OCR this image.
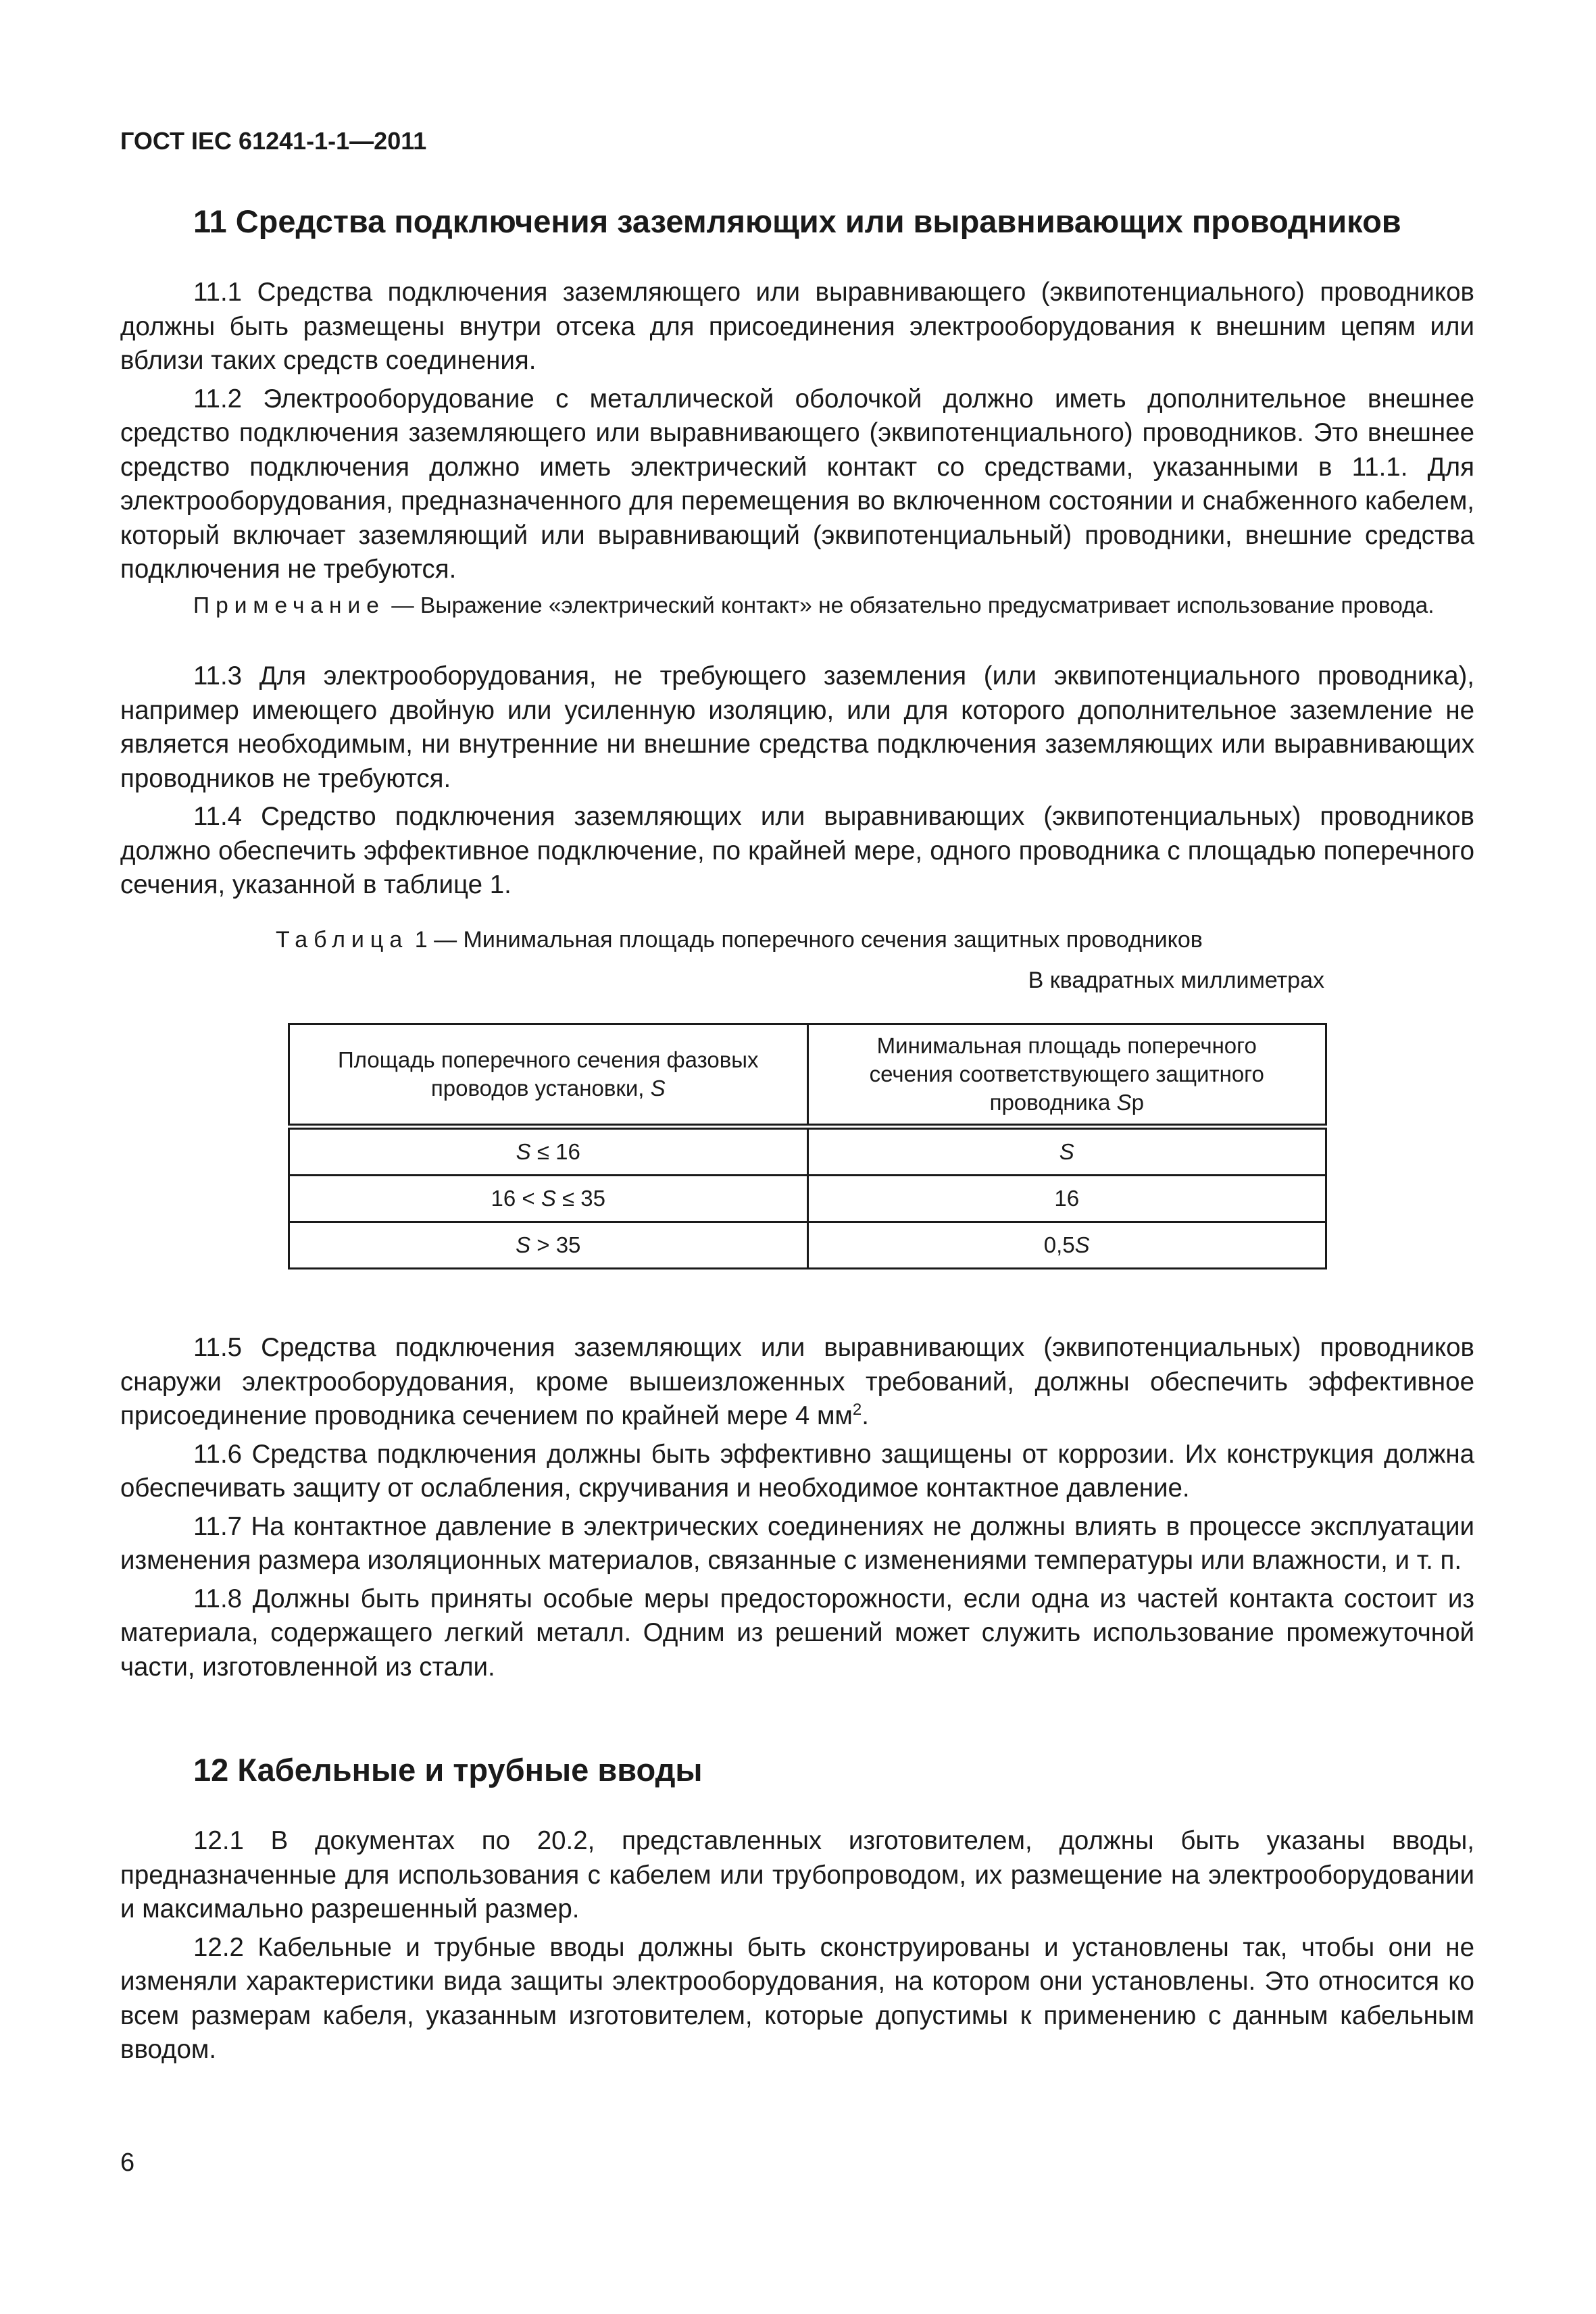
ГОСТ IEC 61241-1-1—2011
11 Средства подключения заземляющих или выравнивающих проводников

11.1 Средства подключения заземляющего или выравнивающего (эквипотенциального) проводников должны быть размещены внутри отсека для присоединения электрооборудования к внешним цепям или вблизи таких средств соединения.

11.2 Электрооборудование с металлической оболочкой должно иметь дополнительное внешнее средство подключения заземляющего или выравнивающего (эквипотенциального) проводников. Это внешнее средство подключения должно иметь электрический контакт со средствами, указанными в 11.1. Для электрооборудования, предназначенного для перемещения во включенном состоянии и снабженного кабелем, который включает заземляющий или выравнивающий (эквипотенциальный) проводники, внешние средства подключения не требуются.

Примечание — Выражение «электрический контакт» не обязательно предусматривает использование провода.

11.3 Для электрооборудования, не требующего заземления (или эквипотенциального проводника), например имеющего двойную или усиленную изоляцию, или для которого дополнительное заземление не является необходимым, ни внутренние ни внешние средства подключения заземляющих или выравнивающих проводников не требуются.

11.4 Средство подключения заземляющих или выравнивающих (эквипотенциальных) проводников должно обеспечить эффективное подключение, по крайней мере, одного проводника с площадью поперечного сечения, указанной в таблице 1.

Таблица 1 — Минимальная площадь поперечного сечения защитных проводников
В квадратных миллиметрах
Площадь поперечного сечения фазовых
проводов установки, S	Минимальная площадь поперечного
сечения соответствующего защитного
проводника Sp
S ≤ 16	S
16 < S ≤ 35	16
S > 35	0,5S

11.5 Средства подключения заземляющих или выравнивающих (эквипотенциальных) проводников снаружи электрооборудования, кроме вышеизложенных требований, должны обеспечить эффективное присоединение проводника сечением по крайней мере 4 $мм^2$.

11.6 Средства подключения должны быть эффективно защищены от коррозии. Их конструкция должна обеспечивать защиту от ослабления, скручивания и необходимое контактное давление.

11.7 На контактное давление в электрических соединениях не должны влиять в процессе эксплуатации изменения размера изоляционных материалов, связанные с изменениями температуры или влажности, и т. п.

11.8 Должны быть приняты особые меры предосторожности, если одна из частей контакта состоит из материала, содержащего легкий металл. Одним из решений может служить использование промежуточной части, изготовленной из стали.

12 Кабельные и трубные вводы

12.1 В документах по 20.2, представленных изготовителем, должны быть указаны вводы, предназначенные для использования с кабелем или трубопроводом, их размещение на электрооборудовании и максимально разрешенный размер.

12.2 Кабельные и трубные вводы должны быть сконструированы и установлены так, чтобы они не изменяли характеристики вида защиты электрооборудования, на котором они установлены. Это относится ко всем размерам кабеля, указанным изготовителем, которые допустимы к применению с данным кабельным вводом.

6
